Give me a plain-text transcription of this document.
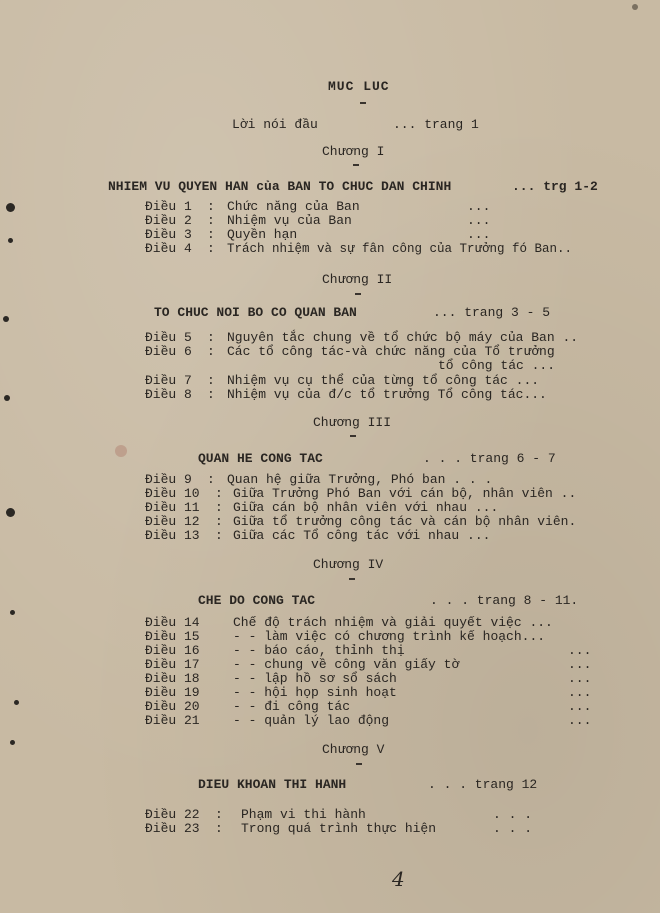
MUC LUC
Lời nói đầu	... trang 1
Chương I
NHIEM VU QUYEN HAN của BAN TO CHUC DAN CHINH	... trg 1-2
Điều 1 : Chức năng của Ban	...
Điều 2 : Nhiệm vụ của Ban	...
Điều 3 : Quyền hạn	...
Điều 4 : Trách nhiệm và sự fân công của Trưởng fó Ban..
Chương II
TO CHUC NOI BO CO QUAN BAN	... trang 3 - 5
Điều 5 : Nguyên tắc chung về tổ chức bộ máy của Ban ..
Điều 6 : Các tổ công tác-và chức năng của Tổ trưởng
tổ công tác ...
Điều 7 : Nhiệm vụ cụ thể của từng tổ công tác ...
Điều 8 : Nhiệm vụ của đ/c tổ trưởng Tổ công tác...
Chương III
QUAN HE CONG TAC	. . . trang 6 - 7
Điều 9 : Quan hệ giữa Trưởng, Phó ban . . .
Điều 10 : Giữa Trưởng Phó Ban với cán bộ, nhân viên ..
Điều 11 : Giữa cán bộ nhân viên với nhau ...
Điều 12 : Giữa tổ trưởng công tác và cán bộ nhân viên.
Điều 13 : Giữa các Tổ công tác với nhau ...
Chương IV
CHE DO CONG TAC	. . . trang 8 - 11.
Điều 14	Chế độ trách nhiệm và giải quyết việc ...
Điều 15	- - làm việc có chương trình kế hoạch...
Điều 16	- - báo cáo, thỉnh thị	...
Điều 17	- - chung về công văn giấy tờ	...
Điều 18	- - lập hồ sơ sổ sách	...
Điều 19	- - hội họp sinh hoạt	...
Điều 20	- - đi công tác	...
Điều 21	- - quản lý lao động	...
Chương V
DIEU KHOAN THI HANH	. . . trang 12
Điều 22 : Phạm vi thi hành	. . .
Điều 23 : Trong quá trình thực hiện	. . .
4
